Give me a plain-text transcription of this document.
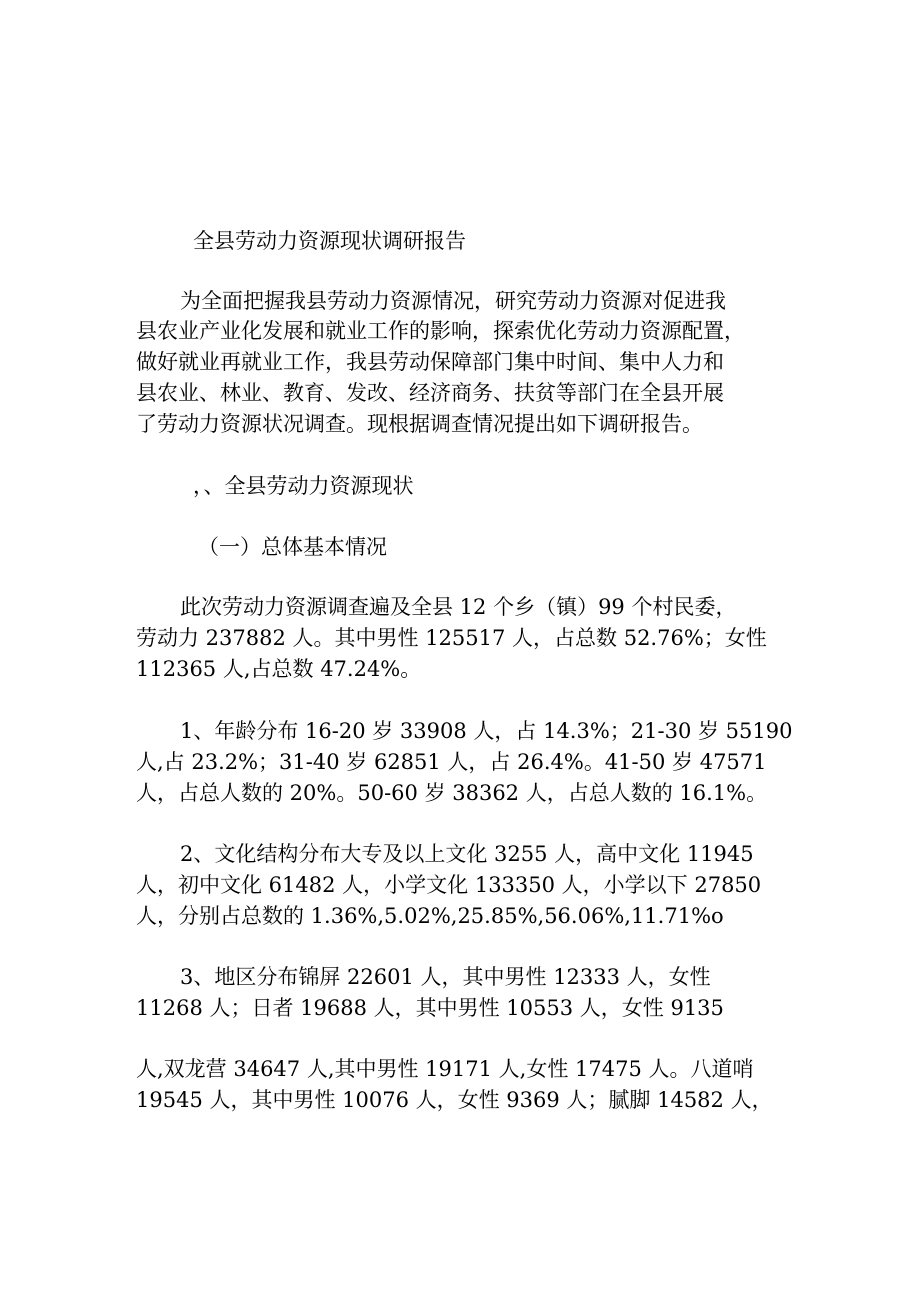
全县劳动力资源现状调研报告
为全面把握我县劳动力资源情况，研究劳动力资源对促进我
县农业产业化发展和就业工作的影响，探索优化劳动力资源配置，
做好就业再就业工作，我县劳动保障部门集中时间、集中人力和
县农业、林业、教育、发改、经济商务、扶贫等部门在全县开展
了劳动力资源状况调查。现根据调查情况提出如下调研报告。
，、全县劳动力资源现状
（一）总体基本情况
此次劳动力资源调查遍及全县 12 个乡（镇）99 个村民委，
劳动力 237882 人。其中男性 125517 人，占总数 52.76%；女性
112365 人,占总数 47.24%。
1、年龄分布 16-20 岁 33908 人，占 14.3%；21-30 岁 55190
人,占 23.2%；31-40 岁 62851 人，占 26.4%。41-50 岁 47571
人，占总人数的 20%。50-60 岁 38362 人，占总人数的 16.1%。
2、文化结构分布大专及以上文化 3255 人，高中文化 11945
人，初中文化 61482 人，小学文化 133350 人，小学以下 27850
人，分别占总数的 1.36%,5.02%,25.85%,56.06%,11.71%o
3、地区分布锦屏 22601 人，其中男性 12333 人，女性
11268 人；日者 19688 人，其中男性 10553 人，女性 9135
人,双龙营 34647 人,其中男性 19171 人,女性 17475 人。八道哨
19545 人，其中男性 10076 人，女性 9369 人；腻脚 14582 人，
